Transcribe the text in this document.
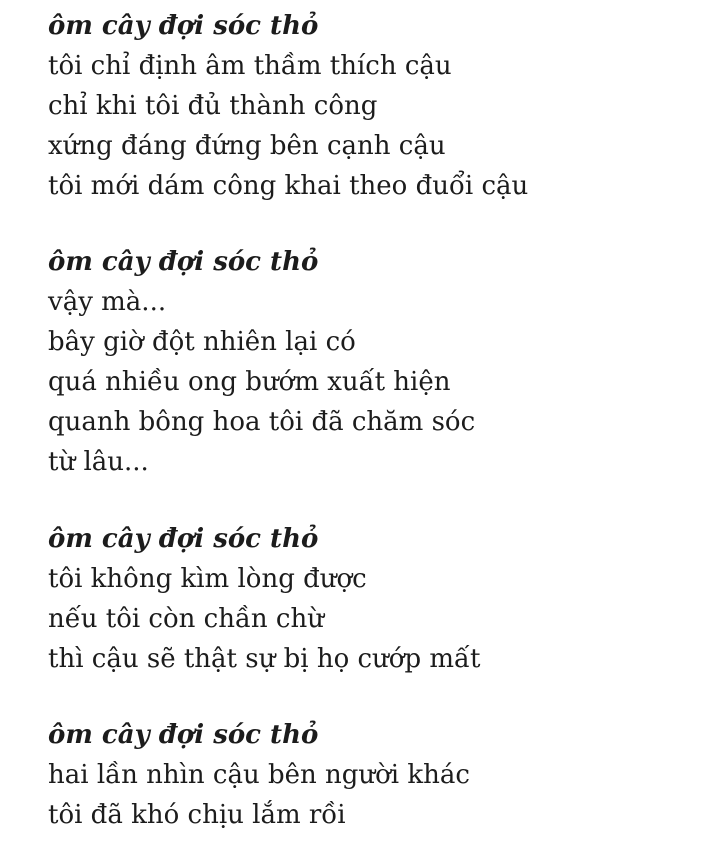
ôm cây đợi sóc thỏ
tôi chỉ định âm thầm thích cậu
chỉ khi tôi đủ thành công
xứng đáng đứng bên cạnh cậu
tôi mới dám công khai theo đuổi cậu
ôm cây đợi sóc thỏ
vậy mà...
bây giờ đột nhiên lại có
quá nhiều ong bướm xuất hiện
quanh bông hoa tôi đã chăm sóc
từ lâu...
ôm cây đợi sóc thỏ
tôi không kìm lòng được
nếu tôi còn chần chừ
thì cậu sẽ thật sự bị họ cướp mất
ôm cây đợi sóc thỏ
hai lần nhìn cậu bên người khác
tôi đã khó chịu lắm rồi
